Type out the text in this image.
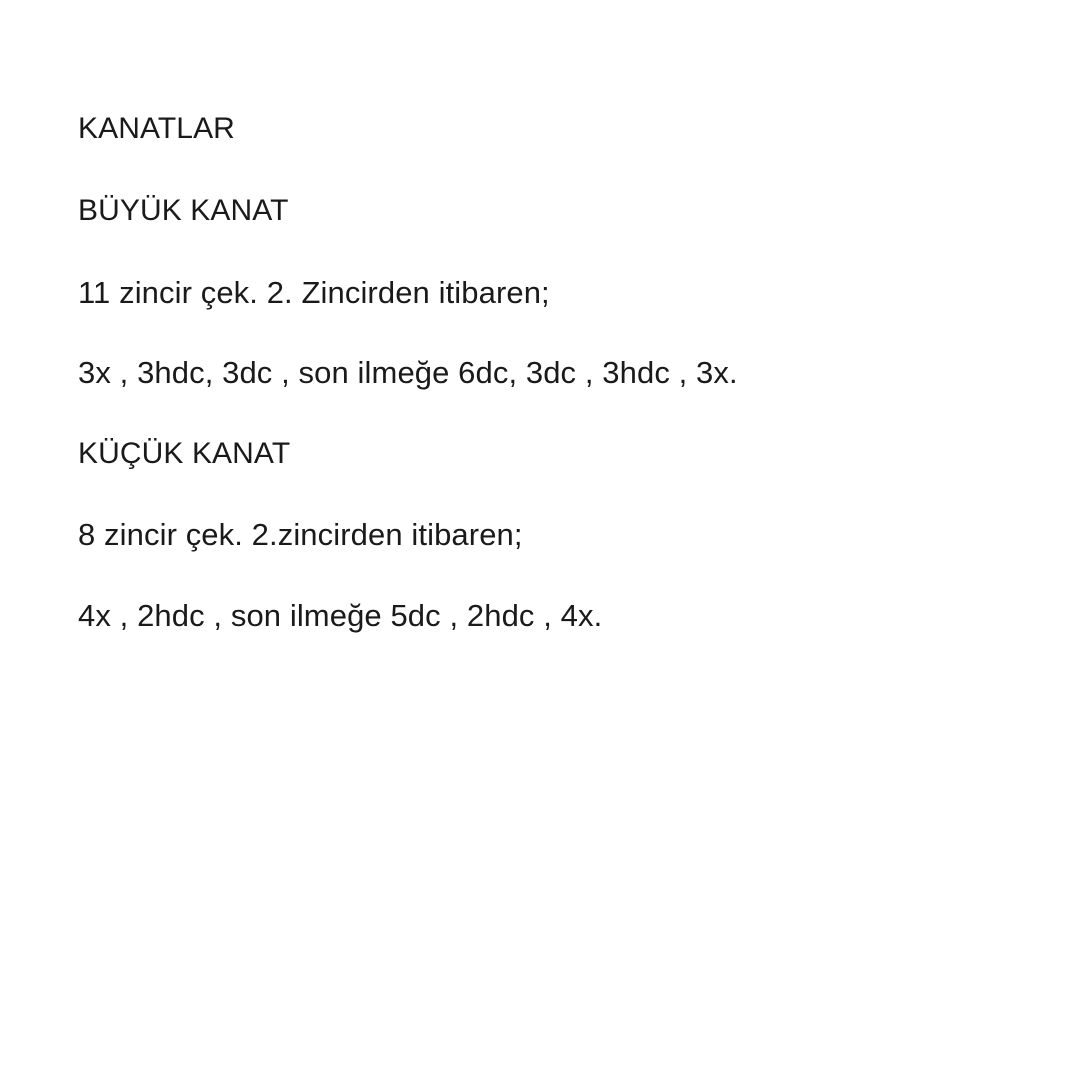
KANATLAR
BÜYÜK KANAT
11 zincir çek. 2. Zincirden itibaren;
3x , 3hdc, 3dc , son ilmeğe 6dc, 3dc , 3hdc , 3x.
KÜÇÜK KANAT
8 zincir çek. 2.zincirden itibaren;
4x , 2hdc , son ilmeğe 5dc , 2hdc , 4x.
